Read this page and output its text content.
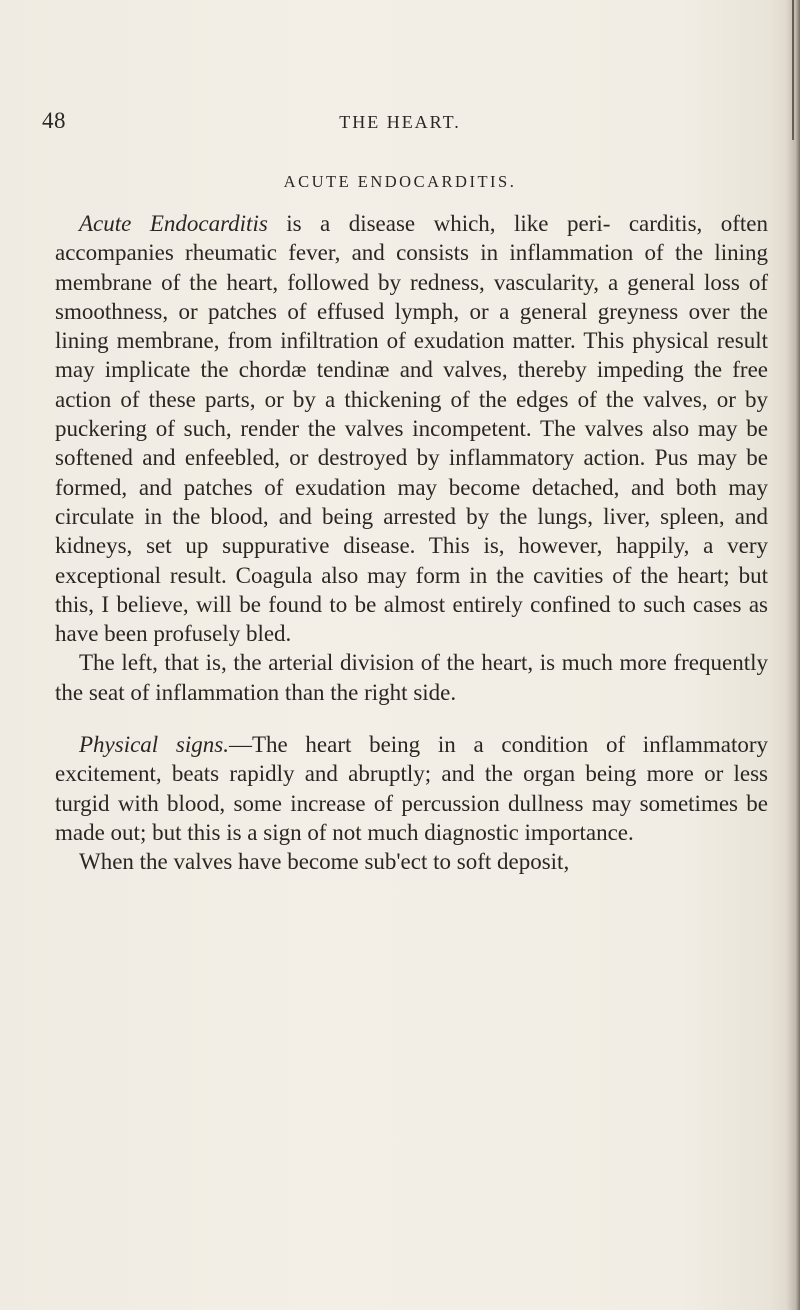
48	THE HEART.
ACUTE ENDOCARDITIS.

Acute Endocarditis is a disease which, like peri- carditis, often accompanies rheumatic fever, and consists in inflammation of the lining membrane of the heart, followed by redness, vascularity, a general loss of smoothness, or patches of effused lymph, or a general greyness over the lining membrane, from infiltration of exudation matter. This physical result may implicate the chordæ tendinæ and valves, thereby impeding the free action of these parts, or by a thickening of the edges of the valves, or by puckering of such, render the valves incompetent. The valves also may be softened and enfeebled, or destroyed by inflammatory action. Pus may be formed, and patches of exudation may become detached, and both may circulate in the blood, and being arrested by the lungs, liver, spleen, and kidneys, set up suppurative disease. This is, however, happily, a very exceptional result. Coagula also may form in the cavities of the heart; but this, I believe, will be found to be almost entirely confined to such cases as have been profusely bled.

The left, that is, the arterial division of the heart, is much more frequently the seat of inflammation than the right side.

Physical signs.—The heart being in a condition of inflammatory excitement, beats rapidly and abruptly; and the organ being more or less turgid with blood, some increase of percussion dullness may sometimes be made out; but this is a sign of not much diagnostic importance.

When the valves have become sub'ect to soft deposit,
